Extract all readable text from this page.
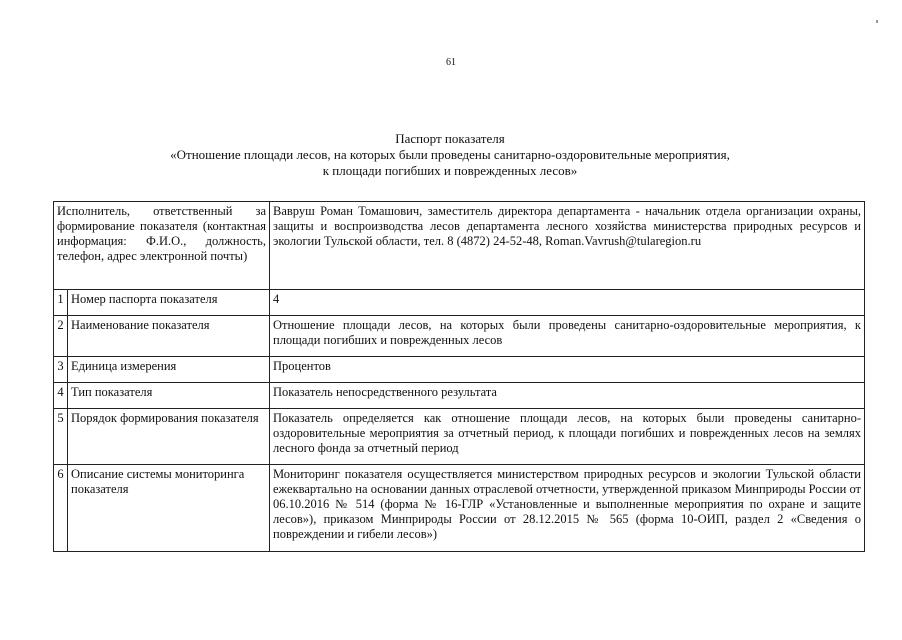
61
Паспорт показателя
«Отношение площади лесов, на которых были проведены санитарно-оздоровительные мероприятия,
к площади погибших и поврежденных лесов»
Исполнитель, ответственный за формирование показателя (контактная информация: Ф.И.О., должность, телефон, адрес электронной почты)		Вавруш Роман Томашович, заместитель директора департамента - начальник отдела организации охраны, защиты и воспроизводства лесов департамента лесного хозяйства министерства природных ресурсов и экологии Тульской области, тел. 8 (4872) 24-52-48, Roman.Vavrush@tularegion.ru
1	Номер паспорта показателя	4
2	Наименование показателя	Отношение площади лесов, на которых были проведены санитарно-оздоровительные мероприятия, к площади погибших и поврежденных лесов
3	Единица измерения	Процентов
4	Тип показателя	Показатель непосредственного результата
5	Порядок формирования показателя	Показатель определяется как отношение площади лесов, на которых были проведены санитарно-оздоровительные мероприятия за отчетный период, к площади погибших и поврежденных лесов на землях лесного фонда за отчетный период
6	Описание системы мониторинга показателя	Мониторинг показателя осуществляется министерством природных ресурсов и экологии Тульской области ежеквартально на основании данных отраслевой отчетности, утвержденной приказом Минприроды России от 06.10.2016 № 514 (форма № 16-ГЛР «Установленные и выполненные мероприятия по охране и защите лесов»), приказом Минприроды России от 28.12.2015 № 565 (форма 10-ОИП, раздел 2 «Сведения о повреждении и гибели лесов»)
